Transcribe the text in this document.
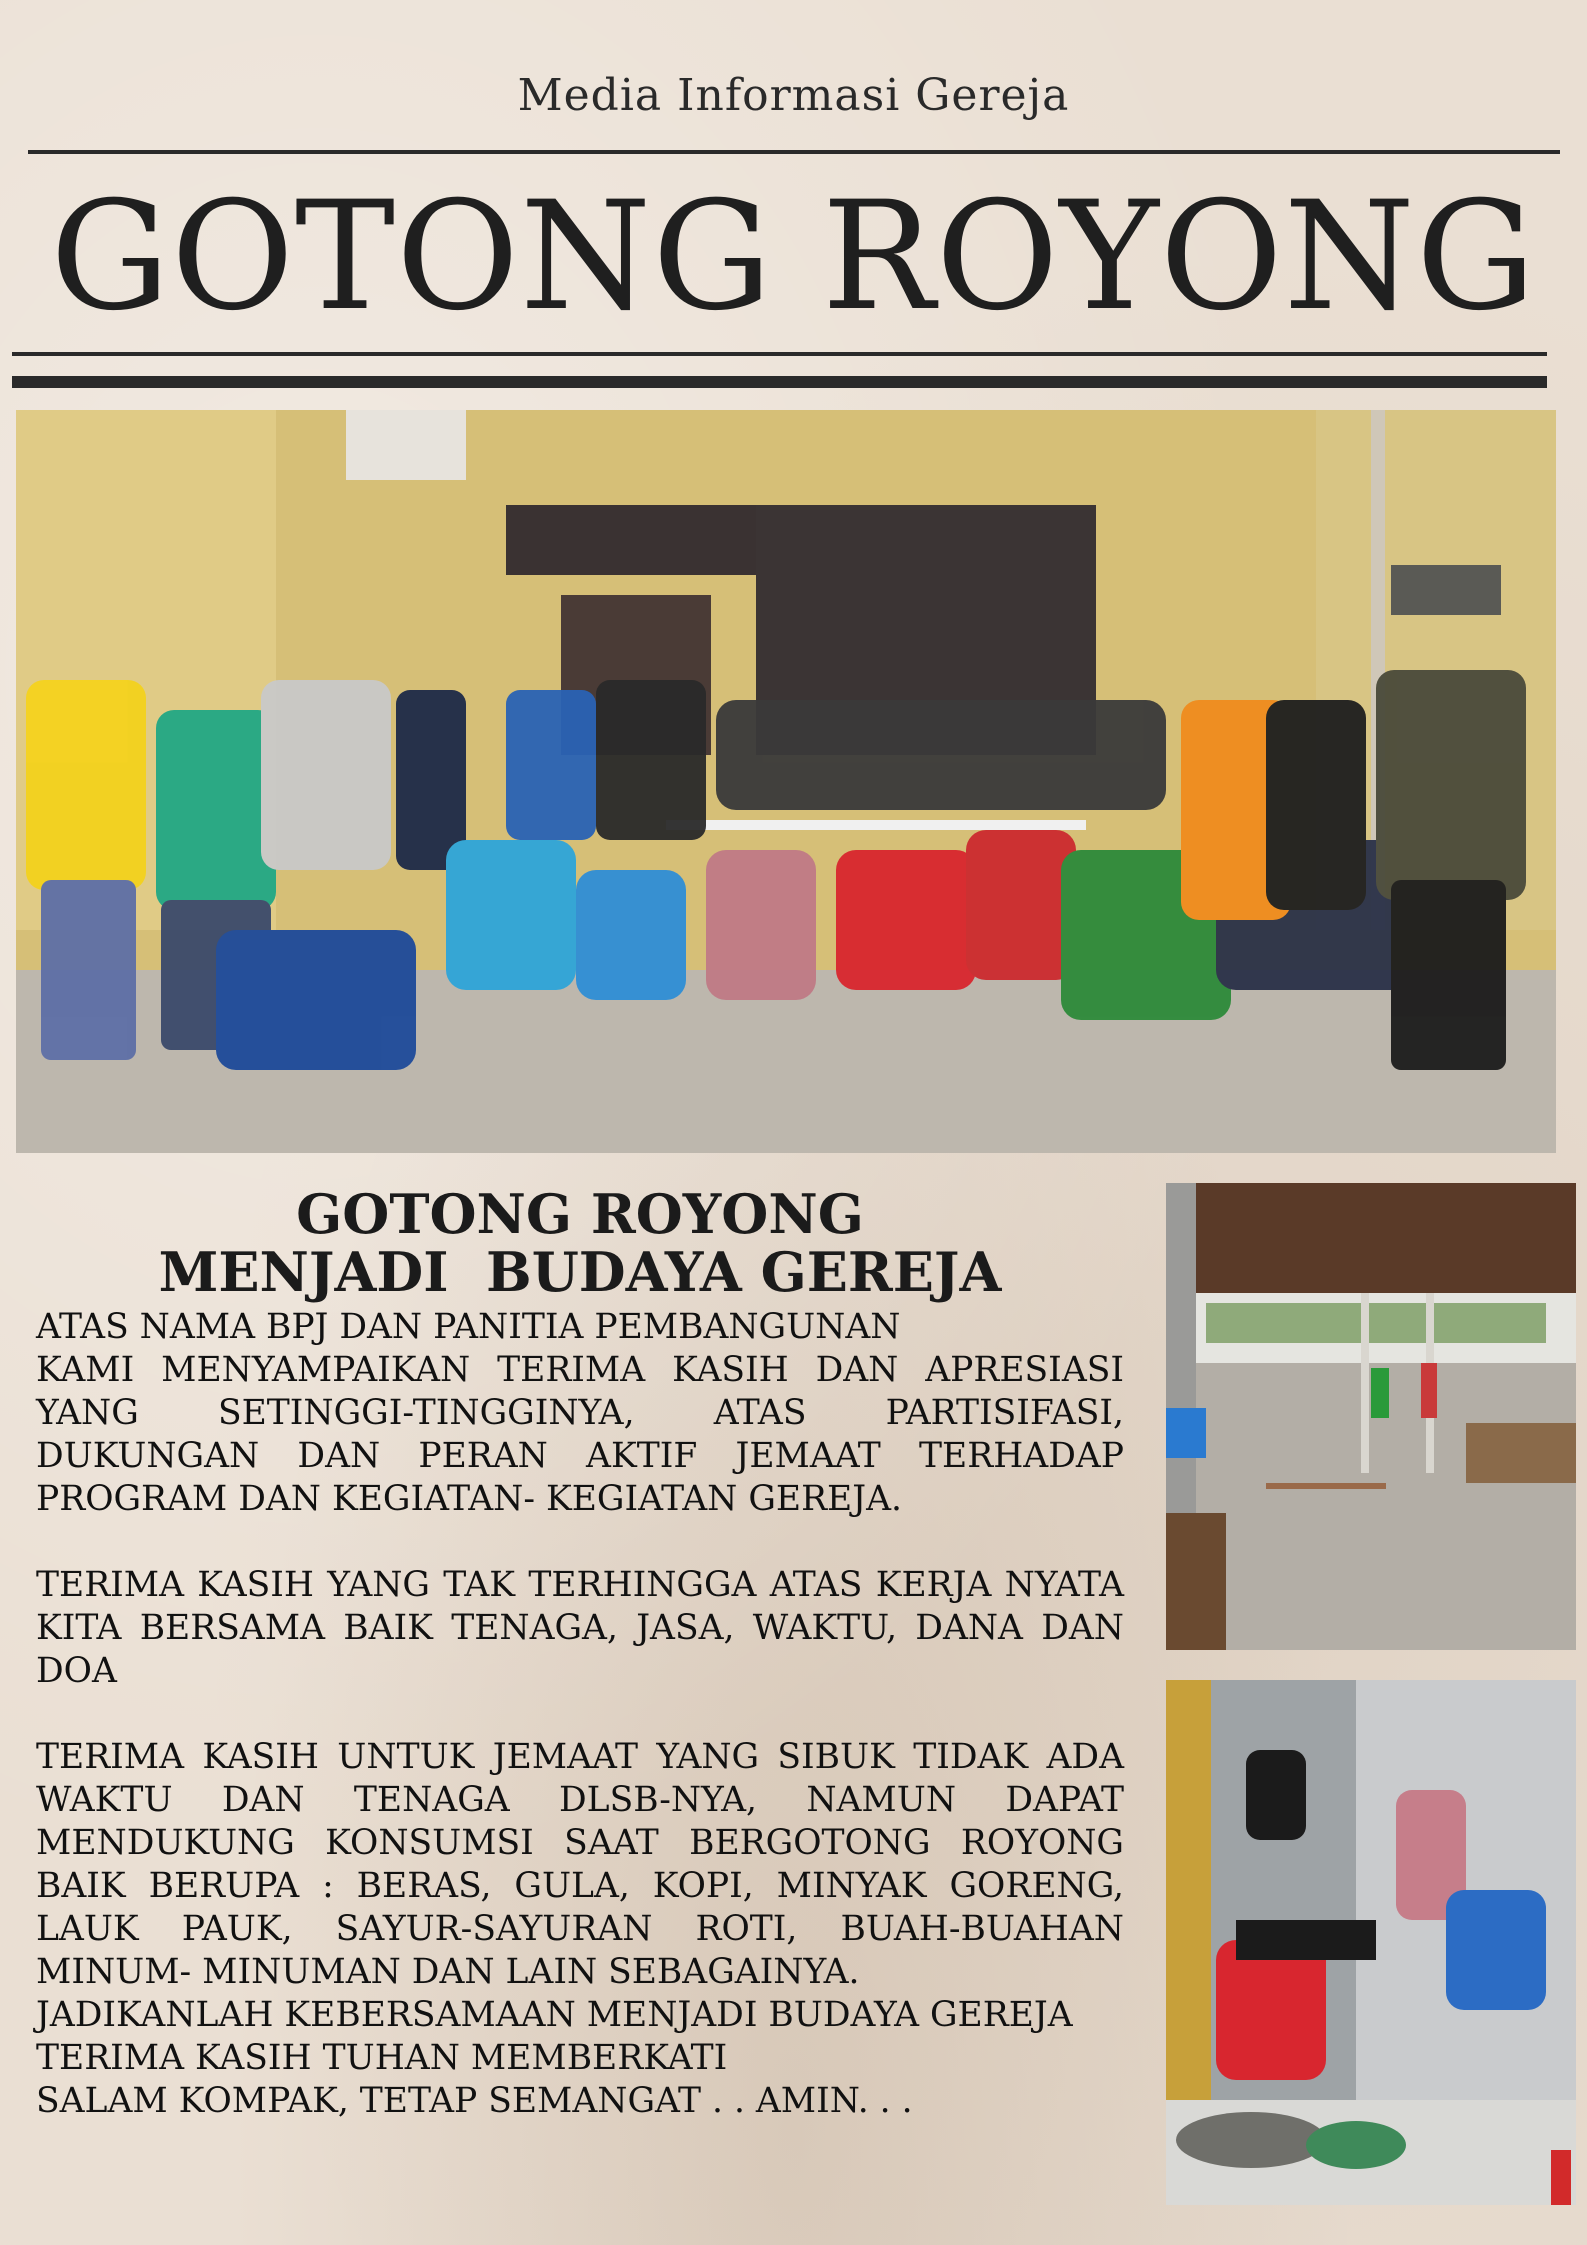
Media Informasi Gereja
GOTONG ROYONG
GOTONG ROYONG
MENJADI  BUDAYA GEREJA

ATAS NAMA BPJ DAN PANITIA PEMBANGUNAN

KAMI MENYAMPAIKAN TERIMA KASIH DAN APRESIASI YANG SETINGGI-TINGGINYA, ATAS PARTISIFASI, DUKUNGAN DAN PERAN AKTIF JEMAAT TERHADAP PROGRAM DAN KEGIATAN- KEGIATAN GEREJA.

TERIMA KASIH YANG TAK TERHINGGA ATAS KERJA NYATA KITA BERSAMA BAIK TENAGA, JASA, WAKTU, DANA DAN DOA

TERIMA KASIH UNTUK JEMAAT YANG SIBUK TIDAK ADA WAKTU DAN TENAGA DLSB-NYA, NAMUN DAPAT MENDUKUNG KONSUMSI SAAT BERGOTONG ROYONG BAIK BERUPA : BERAS, GULA, KOPI, MINYAK GORENG, LAUK PAUK, SAYUR-SAYURAN ROTI, BUAH-BUAHAN MINUM- MINUMAN DAN LAIN SEBAGAINYA.

JADIKANLAH KEBERSAMAAN MENJADI BUDAYA GEREJA

TERIMA KASIH TUHAN MEMBERKATI

SALAM KOMPAK, TETAP SEMANGAT . . AMIN. . .
